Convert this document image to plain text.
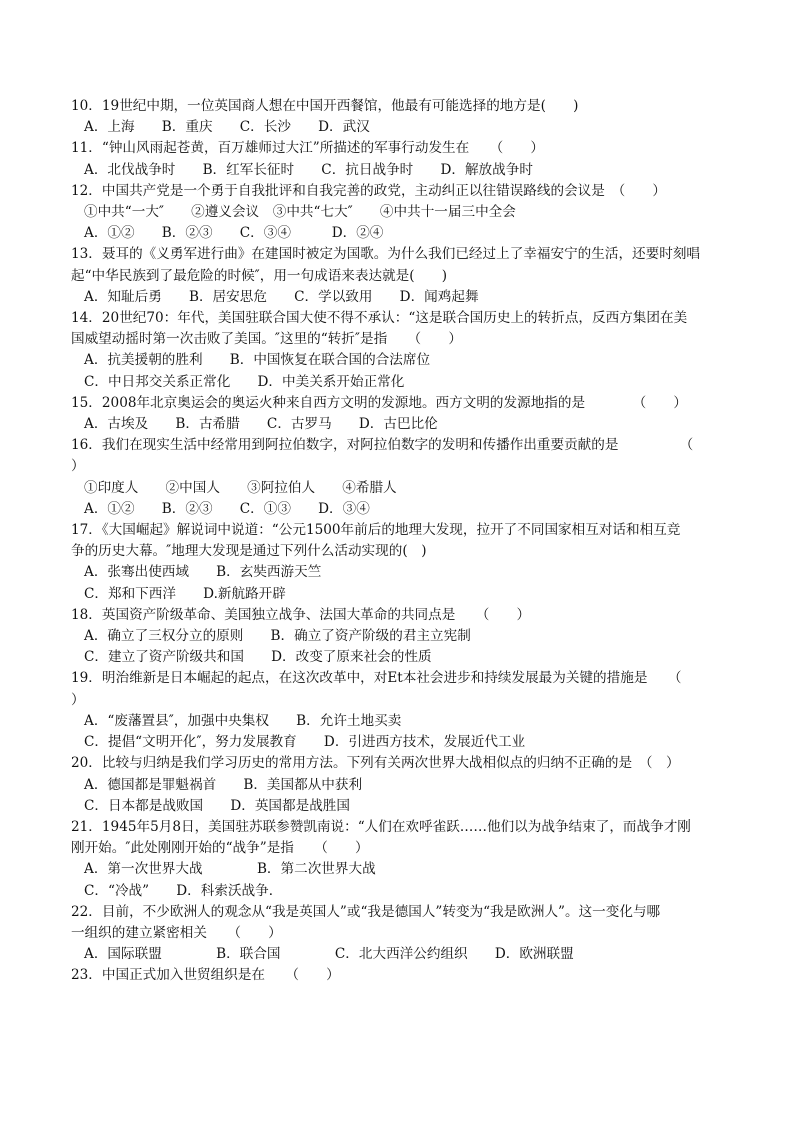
10．19世纪中期，一位英国商人想在中国开西餐馆，他最有可能选择的地方是(　　)
A．上海　　B．重庆　　C．长沙　　D．武汉
11．“钟山风雨起苍黄，百万雄师过大江”所描述的军事行动发生在　　（　　）
A．北伐战争时　　B．红军长征时　　C．抗日战争时　　D．解放战争时
12．中国共产党是一个勇于自我批评和自我完善的政党，主动纠正以往错误路线的会议是　（　　）
①中共“一大″　　②遵义会议　③中共“七大″　　④中共十一届三中全会
A．①②　　B．②③　　C．③④　　　D．②④
13．聂耳的《义勇军进行曲》在建国时被定为国歌。为什么我们已经过上了幸福安宁的生活，还要时刻唱
起“中华民族到了最危险的时候″，用一句成语来表达就是(　　)
A．知耻后勇　　B．居安思危　　C．学以致用　　D．闻鸡起舞
14．20世纪70：年代，美国驻联合国大使不得不承认：“这是联合国历史上的转折点，反西方集团在美
国威望动摇时第一次击败了美国。″这里的“转折″是指　　（　　）
A．抗美援朝的胜利　　B．中国恢复在联合国的合法席位
C．中日邦交关系正常化　　D．中美关系开始正常化
15．2008年北京奥运会的奥运火种来自西方文明的发源地。西方文明的发源地指的是　　　　（　　）
A．古埃及　　B．古希腊　　C．古罗马　　D．古巴比伦
16．我们在现实生活中经常用到阿拉伯数字，对阿拉伯数字的发明和传播作出重要贡献的是　　　　　（
）
①印度人　　②中国人　　③阿拉伯人　　④希腊人
A．①②　　B．②③　　C．①③　　D．③④
17．《大国崛起》解说词中说道：“公元1500年前后的地理大发现，拉开了不同国家相互对话和相互竞
争的历史大幕。″地理大发现是通过下列什么活动实现的(　)
A．张骞出使西域　　B．玄奘西游天竺
C．郑和下西洋　　D.新航路开辟
18．英国资产阶级革命、美国独立战争、法国大革命的共同点是　　（　　）
A．确立了三权分立的原则　　B．确立了资产阶级的君主立宪制
C．建立了资产阶级共和国　　D．改变了原来社会的性质
19．明治维新是日本崛起的起点，在这次改革中，对Et本社会进步和持续发展最为关键的措施是　　（
）
A．“废藩置县″，加强中央集权　　B．允许土地买卖
C．提倡“文明开化″，努力发展教育　　D．引进西方技术，发展近代工业
20．比较与归纳是我们学习历史的常用方法。下列有关两次世界大战相似点的归纳不正确的是　（　）
A．德国都是罪魁祸首　　B．美国都从中获利
C．日本都是战败国　　D．英国都是战胜国
21．1945年5月8日，美国驻苏联参赞凯南说：“人们在欢呼雀跃……他们以为战争结束了，而战争才刚
刚开始。″此处刚刚开始的“战争”是指　　（　　）
A．第一次世界大战　　　　B．第二次世界大战
C．“冷战”　　D．科索沃战争．
22．目前，不少欧洲人的观念从“我是英国人”或“我是德国人”转变为“我是欧洲人”。这一变化与哪
一组织的建立紧密相关　　（　　）
A．国际联盟　　　　B．联合国　　　　C．北大西洋公约组织　　D．欧洲联盟
23．中国正式加入世贸组织是在　　（　　）
